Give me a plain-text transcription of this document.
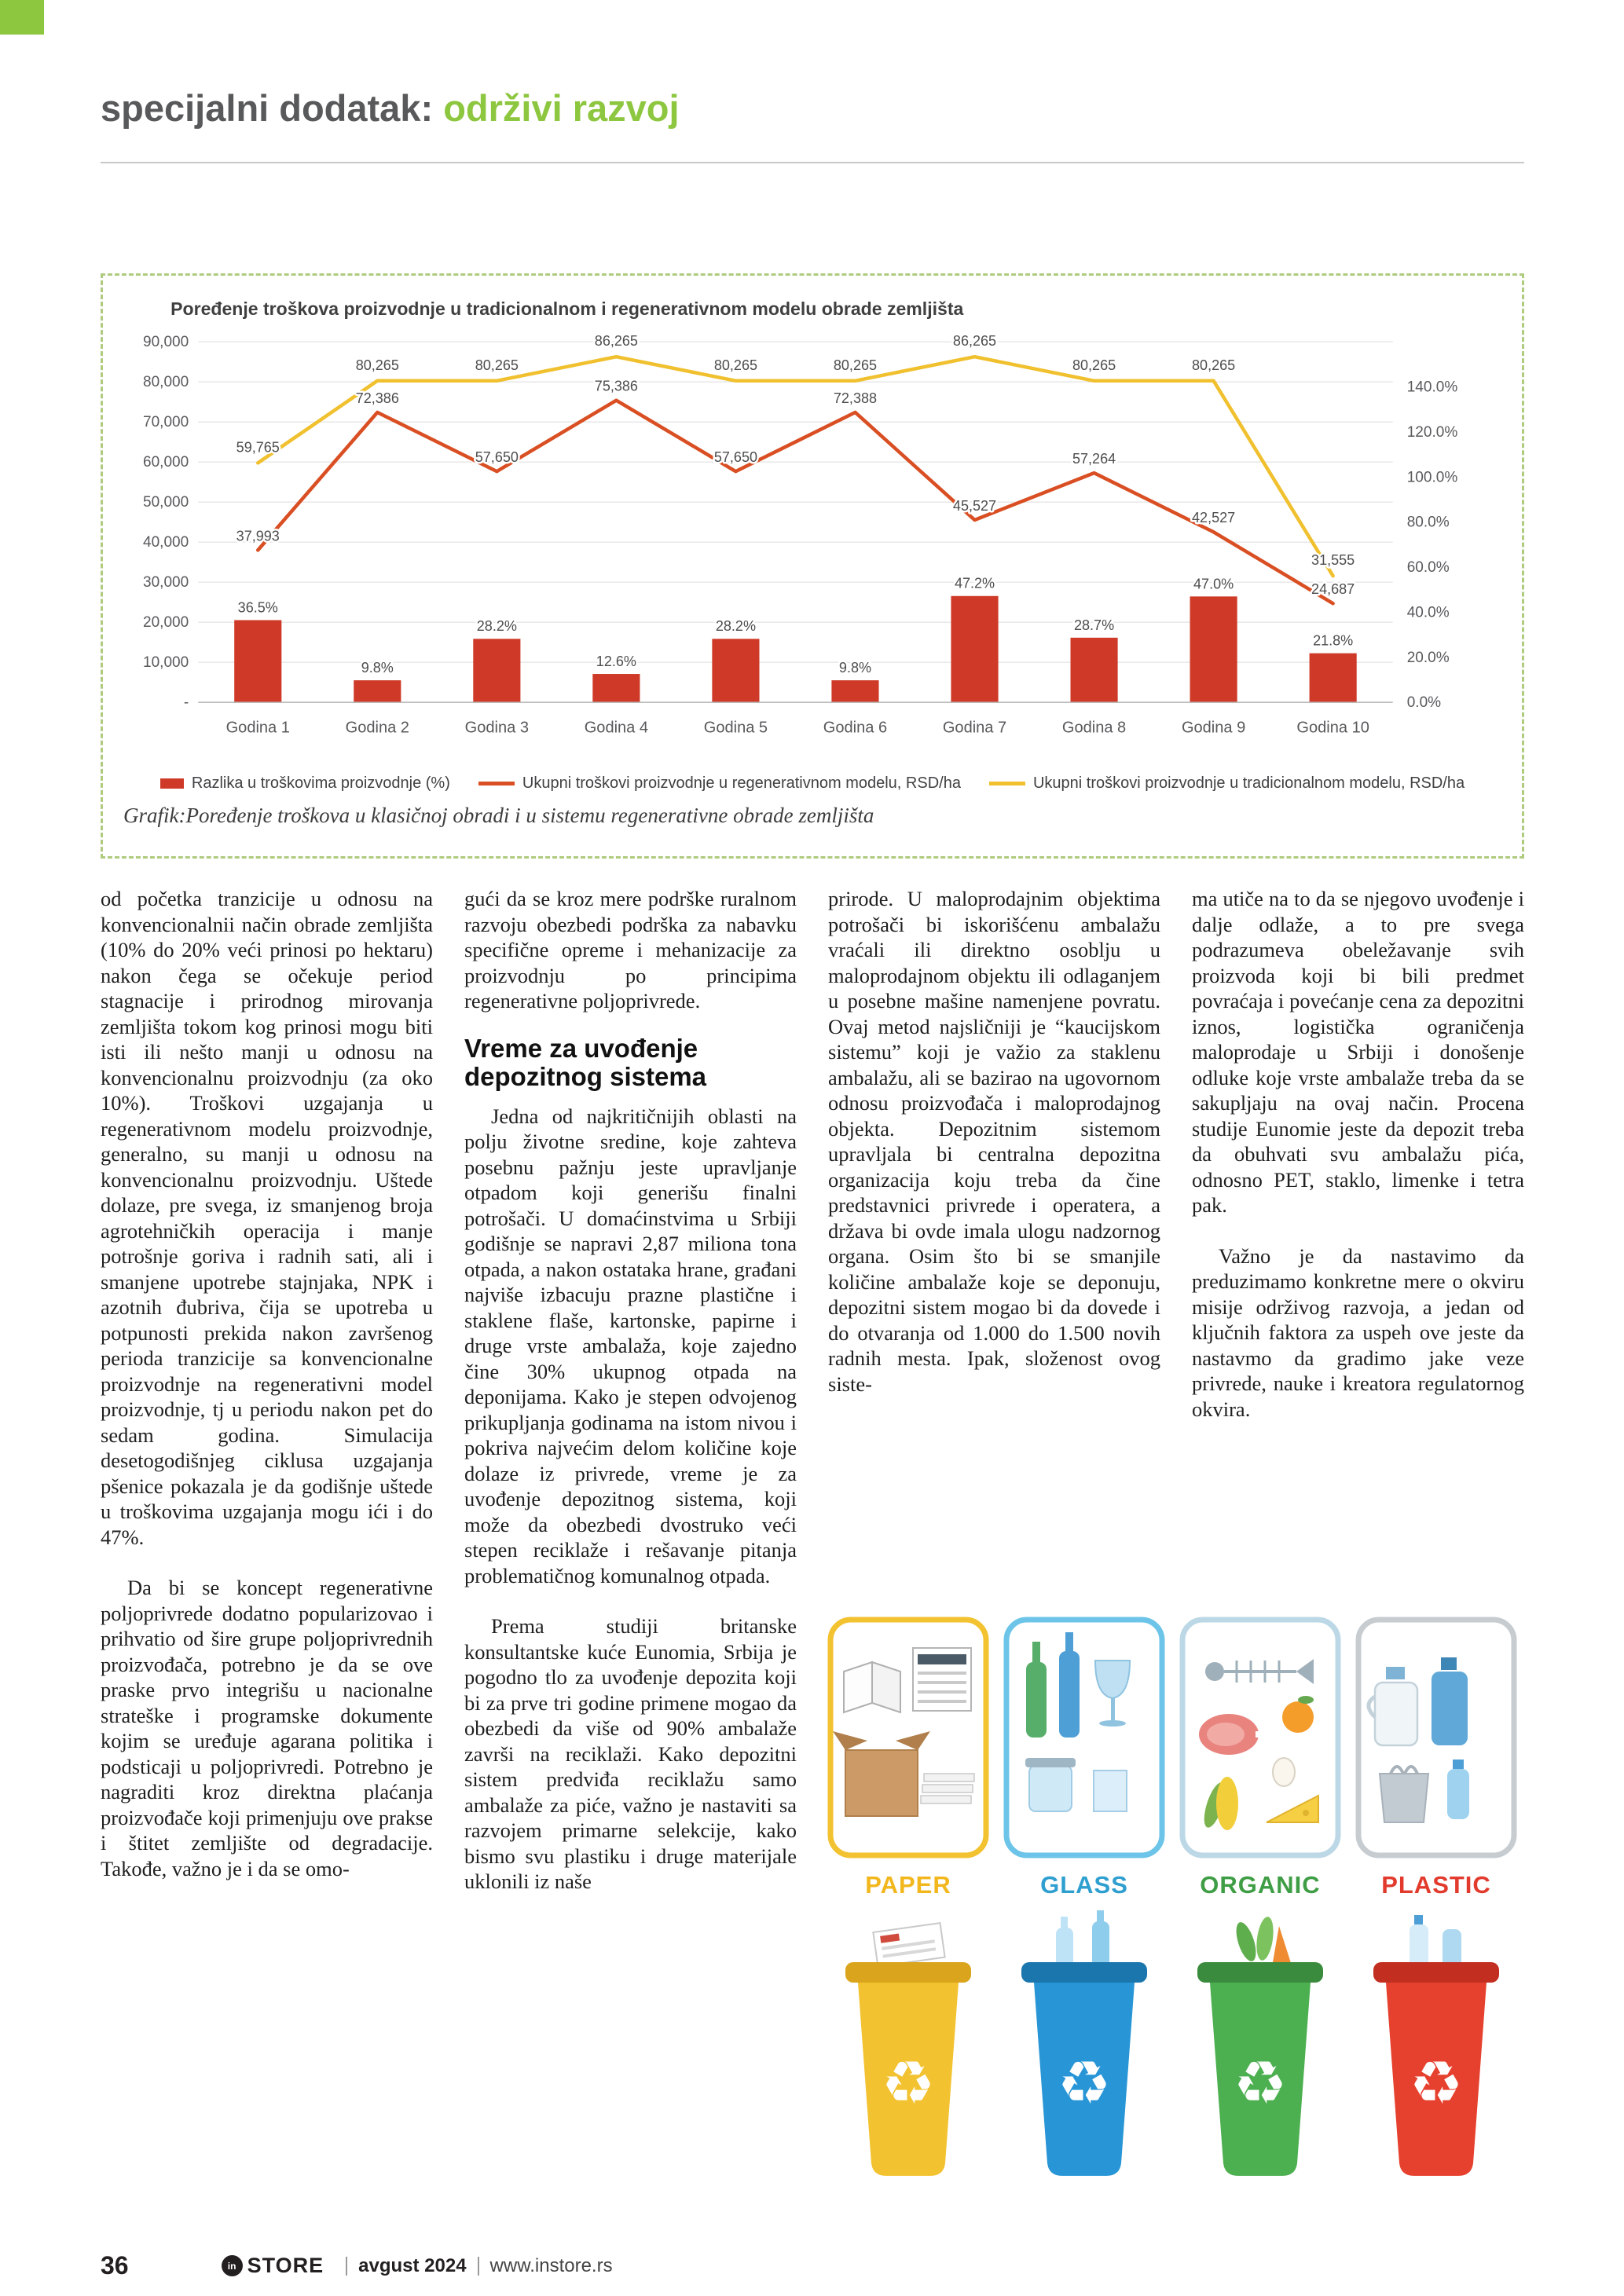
specijalni dodatak: održivi razvoj
Poređenje troškova proizvodnje u tradicionalnom i regenerativnom modelu obrade zemljišta
-
10,000
20,000
30,000
40,000
50,000
60,000
70,000
80,000
90,000
0.0%
20.0%
40.0%
60.0%
80.0%
100.0%
120.0%
140.0%
36.5%
9.8%
28.2%
12.6%
28.2%
9.8%
47.2%
28.7%
47.0%
21.8%
37,993
72,386
57,650
75,386
57,650
72,388
45,527
57,264
42,527
24,687
59,765
80,265	80,265
86,265
80,265	80,265
86,265
80,265	80,265
31,555
Godina 1	Godina 2	Godina 3	Godina 4	Godina 5	Godina 6	Godina 7	Godina 8	Godina 9	Godina 10
Razlika u troškovima proizvodnje (%)	Ukupni troškovi proizvodnje u regenerativnom modelu, RSD/ha	Ukupni troškovi proizvodnje u tradicionalnom modelu, RSD/ha
Grafik:Poređenje troškova u klasičnoj obradi i u sistemu regenerativne obrade zemljišta

od početka tranzicije u odnosu na konvencionalnii način obrade zemljišta (10% do 20% veći prinosi po hektaru) nakon čega se očekuje period stagnacije i prirodnog mirovanja zemljišta tokom kog prinosi mogu biti isti ili nešto manji u odnosu na konvencionalnu proizvodnju (za oko 10%). Troškovi uzgajanja u regenerativnom modelu proizvodnje, generalno, su manji u odnosu na konvencionalnu proizvodnju. Uštede dolaze, pre svega, iz smanjenog broja agrotehničkih operacija i manje potrošnje goriva i radnih sati, ali i smanjene upotrebe stajnjaka, NPK i azotnih đubriva, čija se upotreba u potpunosti prekida nakon završenog perioda tranzicije sa konvencionalne proizvodnje na regenerativni model proizvodnje, tj u periodu nakon pet do sedam godina. Simulacija desetogodišnjeg ciklusa uzgajanja pšenice pokazala je da godišnje uštede u troškovima uzgajanja mogu ići i do 47%.

Da bi se koncept regenerativne poljoprivrede dodatno popularizovao i prihvatio od šire grupe poljoprivrednih proizvođača, potrebno je da se ove praske prvo integrišu u nacionalne strateške i programske dokumente kojim se uređuje agarana politika i podsticaji u poljoprivredi. Potrebno je nagraditi kroz direktna plaćanja proizvođače koji primenjuju ove prakse i štitet zemljište od degradacije. Takođe, važno je i da se omo-

gući da se kroz mere podrške ruralnom razvoju obezbedi podrška za nabavku specifične opreme i mehanizacije za proizvodnju po principima regenerativne poljoprivrede.

Vreme za uvođenje depozitnog sistema

Jedna od najkritičnijih oblasti na polju životne sredine, koje zahteva posebnu pažnju jeste upravljanje otpadom koji generišu finalni potrošači. U domaćinstvima u Srbiji godišnje se napravi 2,87 miliona tona otpada, a nakon ostataka hrane, građani najviše izbacuju prazne plastične i staklene flaše, kartonske, papirne i druge vrste ambalaža, koje zajedno čine 30% ukupnog otpada na deponijama. Kako je stepen odvojenog prikupljanja godinama na istom nivou i pokriva najvećim delom količine koje dolaze iz privrede, vreme je za uvođenje depozitnog sistema, koji može da obezbedi dvostruko veći stepen reciklaže i rešavanje pitanja problematičnog komunalnog otpada.

Prema studiji britanske konsultantske kuće Eunomia, Srbija je pogodno tlo za uvođenje depozita koji bi za prve tri godine primene mogao da obezbedi da više od 90% ambalaže završi na reciklaži. Kako depozitni sistem predviđa reciklažu samo ambalaže za piće, važno je nastaviti sa razvojem primarne selekcije, kako bismo svu plastiku i druge materijale uklonili iz naše

prirode. U maloprodajnim objektima potrošači bi iskorišćenu ambalažu vraćali ili direktno osoblju u maloprodajnom objektu ili odlaganjem u posebne mašine namenjene povratu. Ovaj metod najsličniji je “kaucijskom sistemu” koji je važio za staklenu ambalažu, ali se bazirao na ugovornom odnosu proizvođača i maloprodajnog objekta. Depozitnim sistemom upravljala bi centralna depozitna organizacija koju treba da čine predstavnici privrede i operatera, a država bi ovde imala ulogu nadzornog organa. Osim što bi se smanjile količine ambalaže koje se deponuju, depozitni sistem mogao bi da dovede i do otvaranja od 1.000 do 1.500 novih radnih mesta. Ipak, složenost ovog siste-

ma utiče na to da se njegovo uvođenje i dalje odlaže, a to pre svega podrazumeva obeležavanje svih proizvoda koji bi bili predmet povraćaja i povećanje cena za depozitni iznos, logistička ograničenja maloprodaje u Srbiji i donošenje odluke koje vrste ambalaže treba da se sakupljaju na ovaj način. Procena studije Eunomie jeste da depozit treba da obuhvati svu ambalažu pića, odnosno PET, staklo, limenke i tetra pak.

Važno je da nastavimo da preduzimamo konkretne mere o okviru misije održivog razvoja, a jedan od ključnih faktora za uspeh ove jeste da nastavmo da gradimo jake veze privrede, nauke i kreatora regulatornog okvira.

PAPER
♻
GLASS
♻
ORGANIC
♻
PLASTIC
♻
36	in STORE avgust 2024 www.instore.rs
